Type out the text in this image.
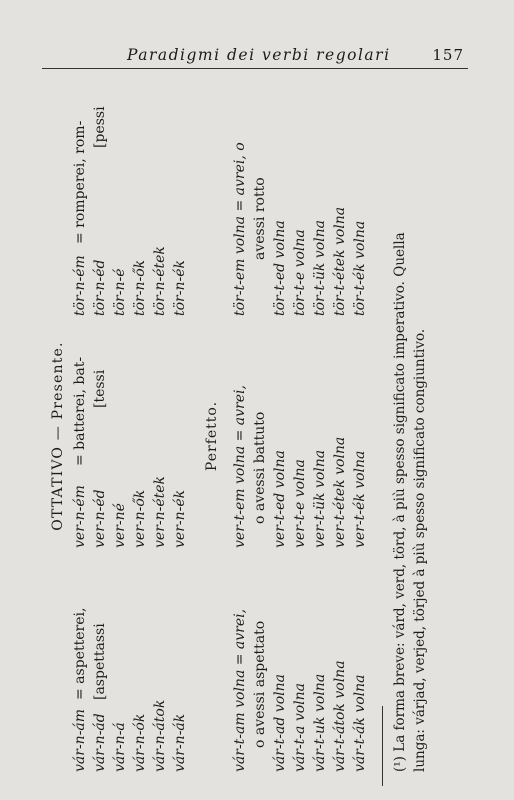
Paradigmi dei verbi regolari	157
OTTATIVO — Presente.
vár-n-ám= aspetterei,
vár-n-ád[aspettassi
vár-n-á vár-n-ók vár-n-átok vár-n-ák
ver-n-ém= batterei, bat-
ver-n-éd[tessi
ver-né ver-n-ők ver-n-étek ver-n-ék
tör-n-ém= romperei, rom-
tör-n-éd[pessi
tör-n-é tör-n-ők tör-n-étek tör-n-ék
Perfetto.
vár-t-am volna = avrei, o avessi aspettato vár-t-ad volna vár-t-a volna vár-t-uk volna vár-t-átok volna vár-t-ák volna
ver-t-em volna = avrei, o avessi battuto ver-t-ed volna ver-t-e volna ver-t-ük volna ver-t-étek volna ver-t-ék volna
tör-t-em volna = avrei, o avessi rotto
tör-t-ed volna tör-t-e volna tör-t-ük volna tör-t-étek volna tör-t-ék volna (¹) La forma breve: várd, verd, törd, à più spesso significato imperativo. Quella lunga: várjad, verjed, törjed à più spesso significato congiuntivo.
